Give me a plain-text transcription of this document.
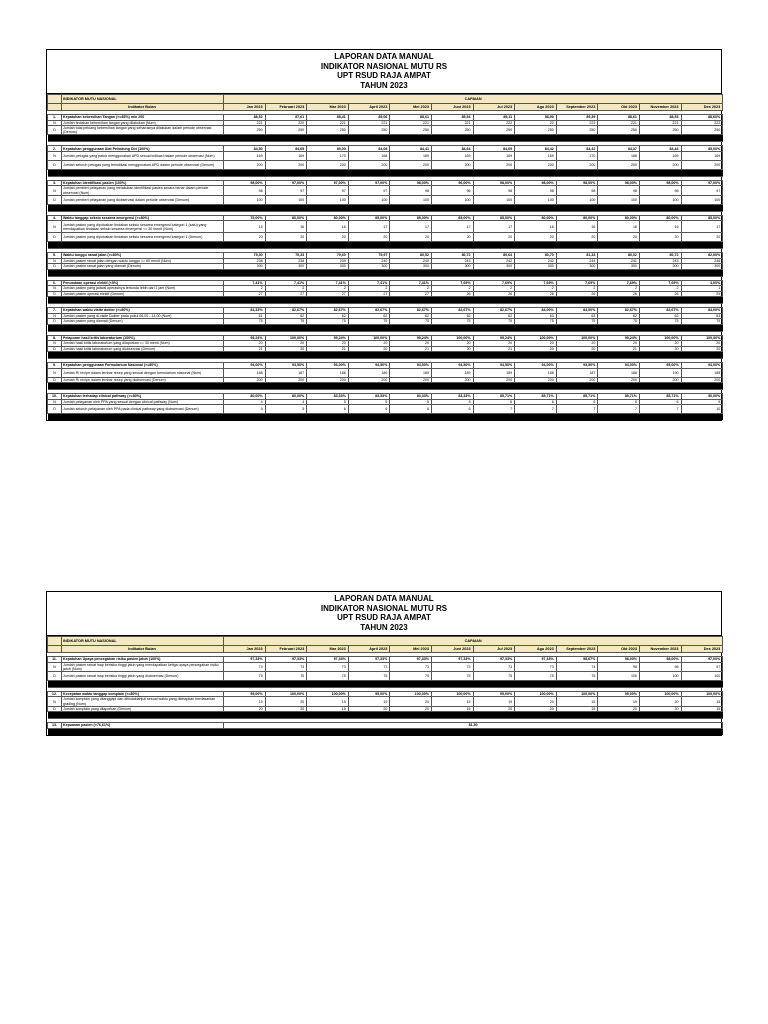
LAPORAN DATA MANUAL
INDIKATOR NASIONAL MUTU RS
UPT RSUD RAJA AMPAT
TAHUN 2023
	INDIKATOR MUTU NASIONAL	CAPAIAN											
	Indikator Bulan	Jan 2023	Februari 2023	Mar 2023	April 2023	Mei 2023	Juni 2023	Jul 2023	Agu 2023	September 2023	Okt 2023	November 2023	Des 2023

1.	Kepatuhan kebersihan Tangan (>=85%) min 200	88,52	87,61	88,41	89,06	88,61	89,54	89,11	88,90	89,39	88,61	88,53	88,60%
N	Jumlah tindakan kebersihan tangan yang dilakukan (Num)	221	220	221	221	221	221	222	22	223	221	221	222
D	Jumlah total peluang kebersihan tangan yang seharusnya dilakukan dalam periode observasi (Denum)	250	250	250	250	250	250	250	250	250	250	250	250

2.	Kepatuhan penggunaan Alat Pelindung Diri (100%)	84,50	84,65	89,00	84,08	84,41	84,64	84,69	84,42	84,42	84,37	84,44	85,00%
N	Jumlah petugas yang patuh menggunakan APD sesuai indikasi dalam periode observasi (Num)	169	169	170	168	169	169	169	169	170	168	169	169
D	Jumlah seluruh petugas yang terindikasi menggunakan APD dalam periode observasi (Denum)	200	200	200	200	200	200	200	200	200	200	200	200

3.	Kepatuhan identifikasi pasien (100%)	98,00%	97,00%	97,00%	97,00%	98,00%	96,00%	98,00%	98,00%	98,00%	98,00%	98,00%	97,00%
N	Jumlah pemberi pelayanan yang melakukan identifikasi pasien secara benar dalam periode observasi (Num)	98	97	97	97	98	96	98	98	98	98	98	97
D	Jumlah pemberi pelayanan yang diobservasi dalam periode observasi (Denum)	100	100	100	100	100	100	100	100	100	100	100	100

4.	Waktu tanggap seksio sesarea emergensi (>=80%)	75,00%	80,00%	80,00%	85,00%	85,00%	85,00%	85,00%	80,00%	80,00%	80,00%	80,00%	85,00%
N	Jumlah pasien yang diputuskan tindakan seksio sesarea emergensi kategori 1 (satu) yang mendapatkan tindakan seksio sesarea emergensi <= 30 menit (Num)	15	16	16	17	17	17	17	16	16	16	16	17
D	Jumlah pasien yang diputuskan tindakan seksio sesarea emergensi kategori 1 (Denum)	20	20	20	20	20	20	20	20	20	20	20	20

5.	Waktu tunggu rawat jalan (>=80%)	79,30	79,33	79,60	79,97	80,52	80,72	80,64	80,70	81,33	80,02	80,72	82,00%
N	Jumlah pasien rawat jalan dengan waktu tunggu <= 60 menit (Num)	238	238	239	240	240	243	242	242	244	241	243	246
D	Jumlah pasien rawat jalan yang diamati (Denum)	300	300	300	300	300	300	300	300	300	300	300	300

6.	Penundaan operasi elektif (<5%)	7,41%	7,41%	7,41%	7,41%	7,41%	7,69%	7,69%	7,69%	7,69%	7,69%	7,69%	4,00%
N	Jumlah pasien yang jadwal operasinya tertunda lebih dari 1 jam (Num)	2	2	2	2	2	2	2	2	2	2	2	1
D	Jumlah pasien operasi elektif (Denum)	27	27	27	27	27	26	26	26	26	26	26	25

7.	Kepatuhan waktu visite dokter (>=80%)	81,33%	82,67%	82,67%	82,67%	82,67%	82,67%	82,67%	84,00%	84,00%	82,67%	82,67%	84,00%
N	Jumlah pasien yang di-visite Dokter pada pukul 06.00 - 14.00 (Num)	61	62	62	62	62	62	62	63	63	62	62	63
D	Jumlah pasien yang diamati (Denum)	75	75	75	75	75	75	75	75	75	75	75	75

8.	Pelaporan hasil kritis laboratorium (100%)	95,24%	100,00%	95,24%	100,00%	95,24%	100,00%	95,24%	100,00%	100,00%	95,24%	100,00%	100,00%
N	Jumlah hasil kritis laboratorium yang dilaporkan <= 30 menit (Num)	20	20	20	20	20	20	20	20	20	20	20	20
D	Jumlah hasil kritis laboratorium yang diobservasi (Denum)	21	20	21	20	21	20	21	20	20	21	20	20

9.	Kepatuhan penggunaan Formularium Nasional (>=80%)	94,00%	93,50%	93,00%	94,50%	94,50%	94,50%	94,50%	94,00%	93,50%	94,00%	95,00%	94,00%
N	Jumlah R/ recipe dalam lembar resep yang sesuai dengan formularium nasional (Num)	188	187	186	189	189	189	189	188	187	188	190	188
D	Jumlah R/ recipe dalam lembar resep yang diobservasi (Denum)	200	200	200	200	200	200	200	200	200	200	200	200

10.	Kepatuhan terhadap clinical pathway (>=80%)	80,00%	80,00%	83,33%	83,33%	83,33%	83,33%	85,71%	85,71%	85,71%	85,71%	85,71%	90,00%
N	Jumlah pelayanan oleh PPA yang sesuai dengan clinical pathway (Num)	4	4	5	5	5	5	6	6	6	6	6	9
D	Jumlah seluruh pelayanan oleh PPA pada clinical pathway yang diobservasi (Denum)	5	5	6	6	6	6	7	7	7	7	7	10

LAPORAN DATA MANUAL
INDIKATOR NASIONAL MUTU RS
UPT RSUD RAJA AMPAT
TAHUN 2023
	INDIKATOR MUTU NASIONAL	CAPAIAN											
	Indikator Bulan	Jan 2023	Februari 2023	Mar 2023	April 2023	Mei 2023	Juni 2023	Jul 2023	Agu 2023	September 2023	Okt 2023	November 2023	Des 2023

11.	Kepatuhan Upaya pencegahan risiko pasien jatuh (100%)	97,33%	97,33%	97,33%	97,33%	97,33%	97,33%	97,33%	97,33%	98,67%	98,00%	98,00%	97,00%
N	Jumlah pasien rawat inap berisiko tinggi jatuh yang mendapatkan ketiga upaya pencegahan risiko jatuh (Num)	73	73	73	73	73	73	73	73	74	98	98	97
D	Jumlah pasien rawat inap berisiko tinggi jatuh yang diobservasi (Denum)	75	75	75	75	75	75	75	75	75	100	100	100

12.	Kecepatan waktu tanggap komplain (>=80%)	95,00%	100,00%	100,00%	95,00%	100,00%	100,00%	95,00%	100,00%	100,00%	95,00%	100,00%	100,00%
N	Jumlah komplain yang ditanggapi dan ditindaklanjuti sesuai waktu yang ditetapkan berdasarkan grading (Num)	19	20	15	19	20	15	19	20	15	19	20	15
D	Jumlah komplain yang dilaporkan (Denum)	20	20	15	20	20	15	20	20	15	20	20	15

13.	Kepuasan pasien (>76,61%)	81,50											
